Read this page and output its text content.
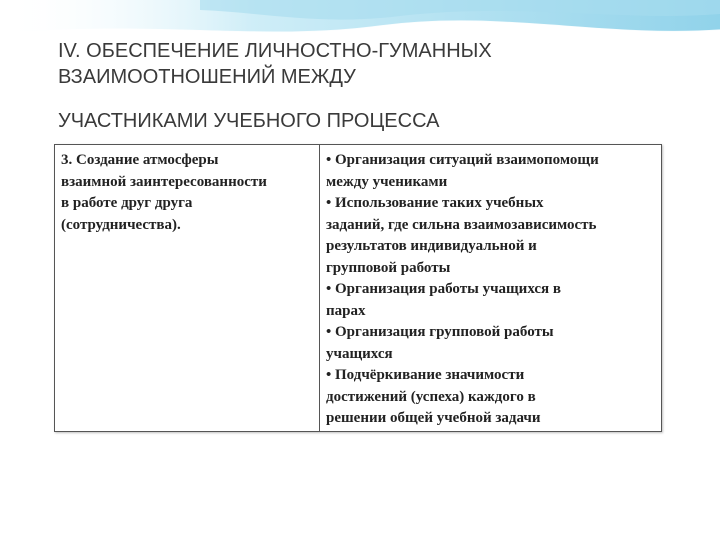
IV. ОБЕСПЕЧЕНИЕ ЛИЧНОСТНО-ГУМАННЫХ
ВЗАИМООТНОШЕНИЙ МЕЖДУ
УЧАСТНИКАМИ УЧЕБНОГО ПРОЦЕССА
3. Создание атмосферы
взаимной заинтересованности
в работе друг друга
(сотрудничества).
• Организация ситуаций взаимопомощи
между учениками
• Использование таких учебных
заданий, где сильна взаимозависимость
результатов индивидуальной и
групповой работы
• Организация работы учащихся в
парах
• Организация групповой работы
учащихся
• Подчёркивание значимости
достижений (успеха) каждого в
решении общей учебной задачи
